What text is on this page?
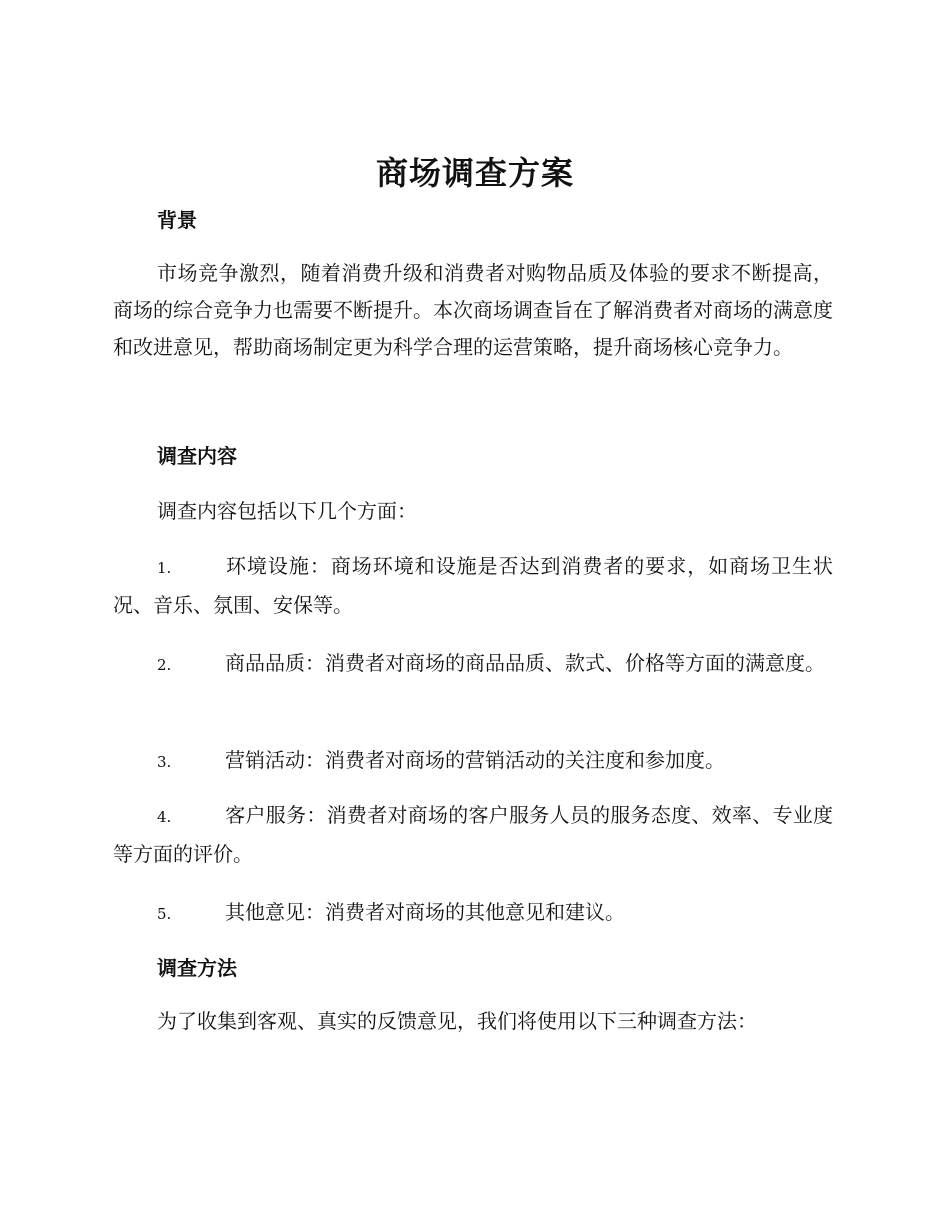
商场调查方案
背景

市场竞争激烈，随着消费升级和消费者对购物品质及体验的要求不断提高，商场的综合竞争力也需要不断提升。本次商场调查旨在了解消费者对商场的满意度和改进意见，帮助商场制定更为科学合理的运营策略，提升商场核心竞争力。

调查内容

调查内容包括以下几个方面：

1.	环境设施：商场环境和设施是否达到消费者的要求，如商场卫生状况、音乐、氛围、安保等。

2.	商品品质：消费者对商场的商品品质、款式、价格等方面的满意度。

3.	营销活动：消费者对商场的营销活动的关注度和参加度。

4.	客户服务：消费者对商场的客户服务人员的服务态度、效率、专业度等方面的评价。

5.	其他意见：消费者对商场的其他意见和建议。

调查方法

为了收集到客观、真实的反馈意见，我们将使用以下三种调查方法：
